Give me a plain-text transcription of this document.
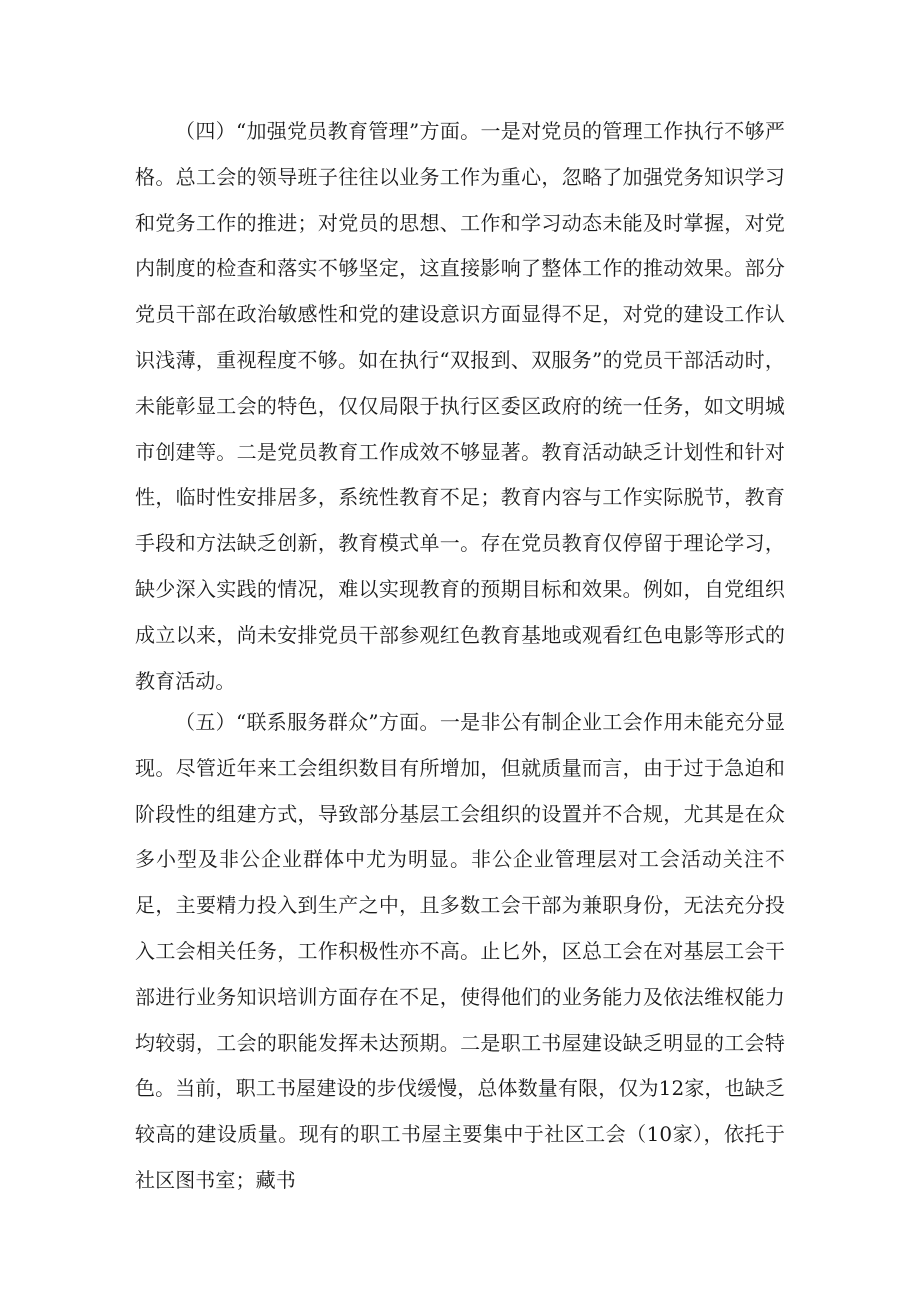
（四）“加强党员教育管理”方面。一是对党员的管理工作执行不够严格。总工会的领导班子往往以业务工作为重心，忽略了加强党务知识学习和党务工作的推进；对党员的思想、工作和学习动态未能及时掌握，对党内制度的检查和落实不够坚定，这直接影响了整体工作的推动效果。部分党员干部在政治敏感性和党的建设意识方面显得不足，对党的建设工作认识浅薄，重视程度不够。如在执行“双报到、双服务”的党员干部活动时，未能彰显工会的特色，仅仅局限于执行区委区政府的统一任务，如文明城市创建等。二是党员教育工作成效不够显著。教育活动缺乏计划性和针对性，临时性安排居多，系统性教育不足；教育内容与工作实际脱节，教育手段和方法缺乏创新，教育模式单一。存在党员教育仅停留于理论学习，缺少深入实践的情况，难以实现教育的预期目标和效果。例如，自党组织成立以来，尚未安排党员干部参观红色教育基地或观看红色电影等形式的教育活动。

（五）“联系服务群众”方面。一是非公有制企业工会作用未能充分显现。尽管近年来工会组织数目有所增加，但就质量而言，由于过于急迫和阶段性的组建方式，导致部分基层工会组织的设置并不合规，尤其是在众多小型及非公企业群体中尤为明显。非公企业管理层对工会活动关注不足，主要精力投入到生产之中，且多数工会干部为兼职身份，无法充分投入工会相关任务，工作积极性亦不高。止匕外，区总工会在对基层工会干部进行业务知识培训方面存在不足，使得他们的业务能力及依法维权能力均较弱，工会的职能发挥未达预期。二是职工书屋建设缺乏明显的工会特色。当前，职工书屋建设的步伐缓慢，总体数量有限，仅为12家，也缺乏较高的建设质量。现有的职工书屋主要集中于社区工会（10家），依托于社区图书室；藏书
